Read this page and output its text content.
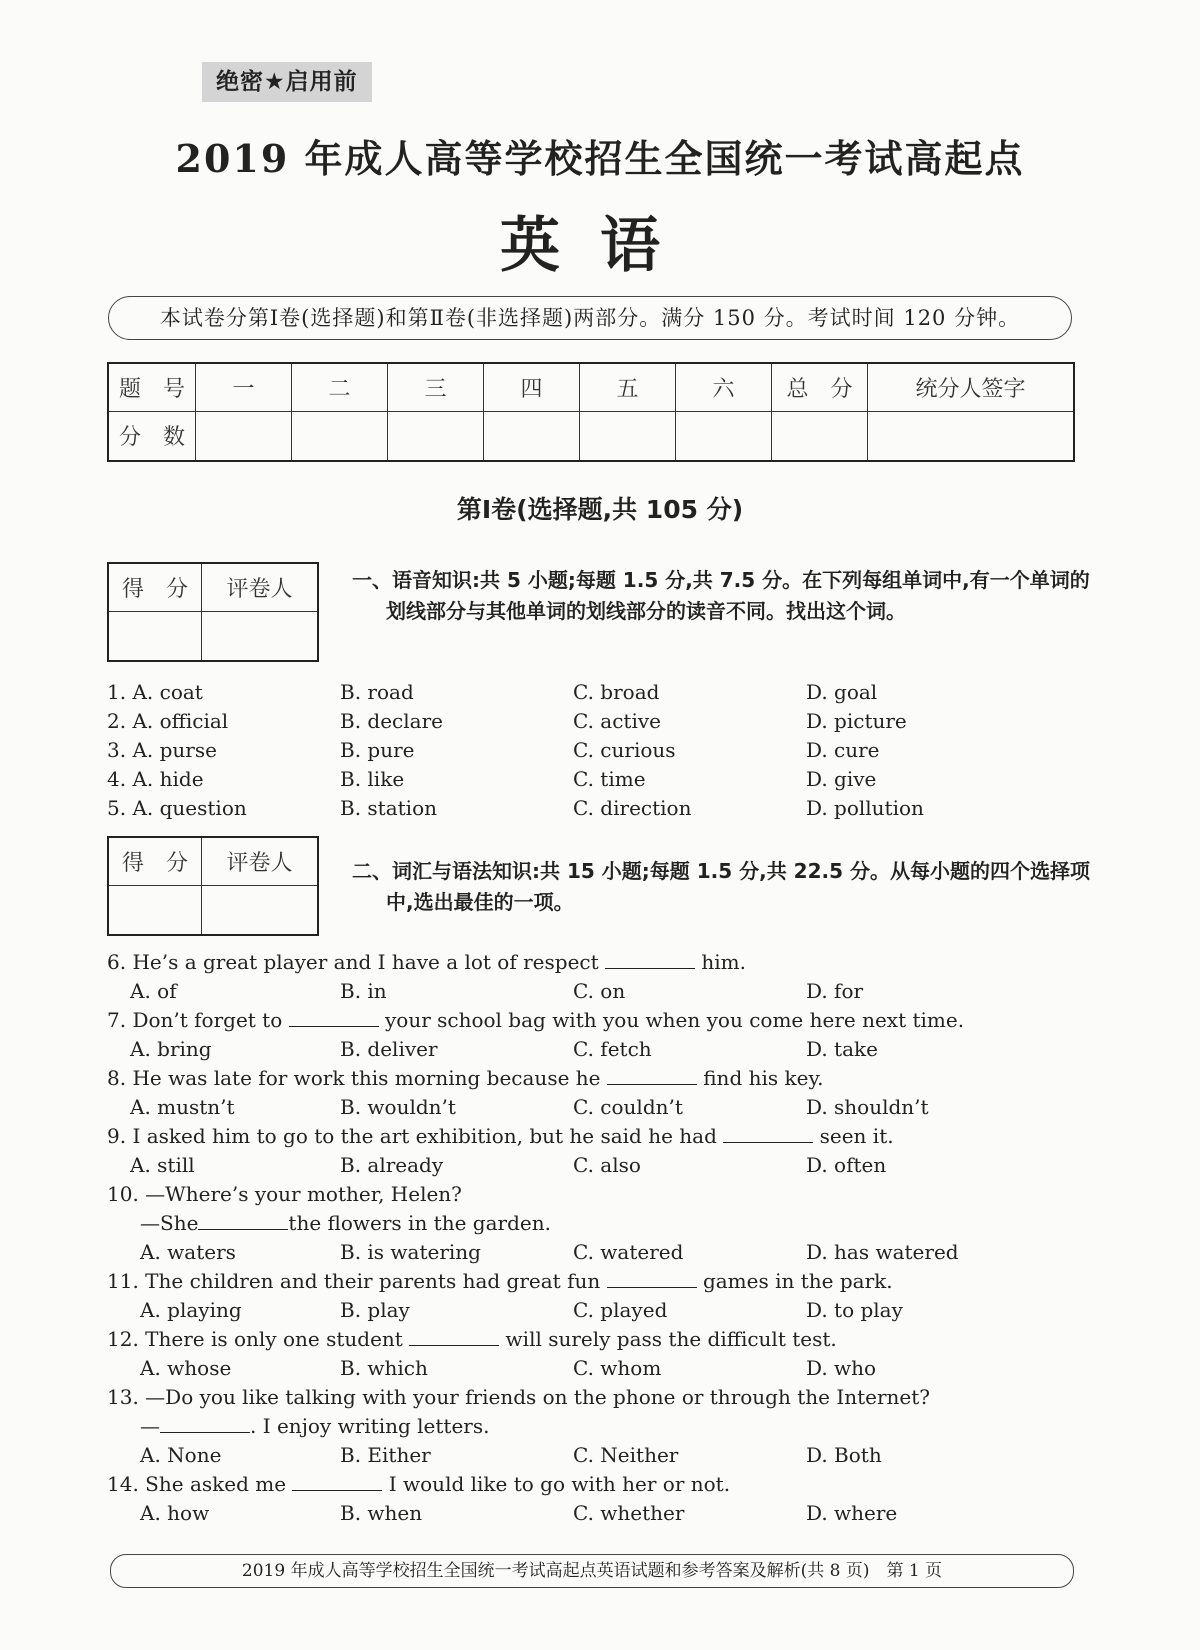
绝密★启用前
2019 年成人高等学校招生全国统一考试高起点
英语
本试卷分第Ⅰ卷(选择题)和第Ⅱ卷(非选择题)两部分。满分 150 分。考试时间 120 分钟。
题　号	一	二	三	四	五	六	总　分	统分人签字
分　数								
第Ⅰ卷(选择题,共 105 分)
得　分	评卷人
		一、语音知识:共 5 小题;每题 1.5 分,共 7.5 分。在下列每组单词中,有一个单词的划线部分与其他单词的划线部分的读音不同。找出这个词。
1. A. coat	B. road	C. broad	D. goal
2. A. official	B. declare	C. active	D. picture
3. A. purse	B. pure	C. curious	D. cure
4. A. hide	B. like	C. time	D. give
5. A. question	B. station	C. direction	D. pollution
得　分	评卷人
		二、词汇与语法知识:共 15 小题;每题 1.5 分,共 22.5 分。从每小题的四个选择项中,选出最佳的一项。
6. He’s a great player and I have a lot of respect	him.
A. of	B. in	C. on	D. for
7. Don’t forget to	your school bag with you when you come here next time.
A. bring	B. deliver	C. fetch	D. take
8. He was late for work this morning because he	find his key.
A. mustn’t	B. wouldn’t	C. couldn’t	D. shouldn’t
9. I asked him to go to the art exhibition, but he said he had	seen it.
A. still	B. already	C. also	D. often
10. —Where’s your mother, Helen?
—She	the flowers in the garden.
A. waters	B. is watering	C. watered	D. has watered
11. The children and their parents had great fun	games in the park.
A. playing	B. play	C. played	D. to play
12. There is only one student	will surely pass the difficult test.
A. whose	B. which	C. whom	D. who
13. —Do you like talking with your friends on the phone or through the Internet?
—	. I enjoy writing letters.
A. None	B. Either	C. Neither	D. Both
14. She asked me	I would like to go with her or not.
A. how	B. when	C. whether	D. where
2019 年成人高等学校招生全国统一考试高起点英语试题和参考答案及解析(共 8 页)　第 1 页
